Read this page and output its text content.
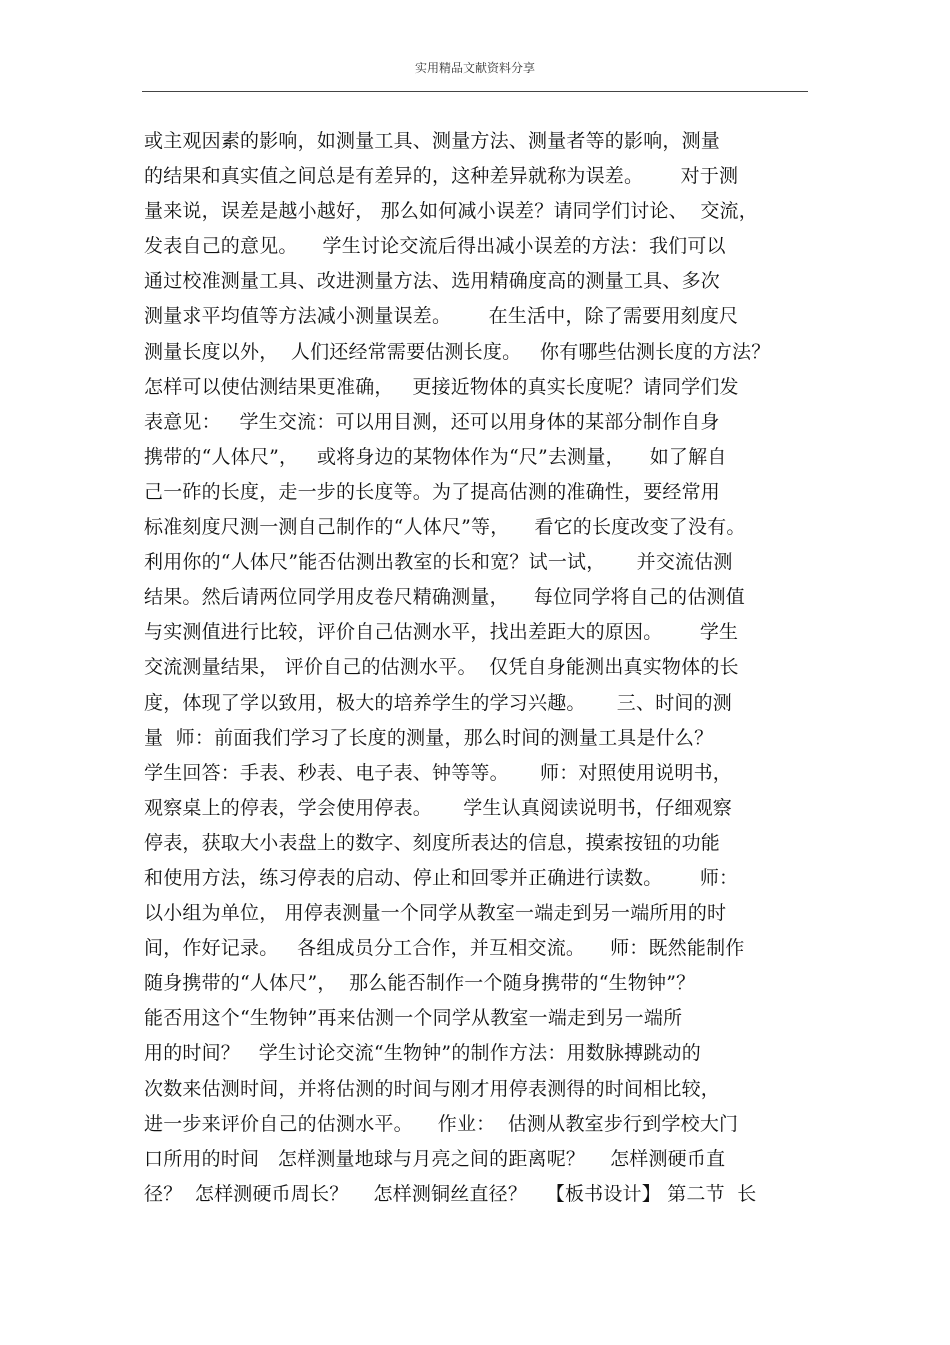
实用精品文献资料分享
或主观因素的影响，如测量工具、测量方法、测量者等的影响，测量
的结果和真实值之间总是有差异的，这种差异就称为误差。      对于测
量来说，误差是越小越好， 那么如何减小误差？请同学们讨论、  交流，
发表自己的意见。    学生讨论交流后得出减小误差的方法：我们可以
通过校准测量工具、改进测量方法、选用精确度高的测量工具、多次
测量求平均值等方法减小测量误差。      在生活中，除了需要用刻度尺
测量长度以外，  人们还经常需要估测长度。   你有哪些估测长度的方法？
怎样可以使估测结果更准确，   更接近物体的真实长度呢？请同学们发
表意见：   学生交流：可以用目测，还可以用身体的某部分制作自身
携带的“人体尺”，   或将身边的某物体作为“尺”去测量，    如了解自
己一砟的长度，走一步的长度等。为了提高估测的准确性，要经常用
标准刻度尺测一测自己制作的“人体尺”等，    看它的长度改变了没有。
利用你的“人体尺”能否估测出教室的长和宽？试一试，     并交流估测
结果。然后请两位同学用皮卷尺精确测量，    每位同学将自己的估测值
与实测值进行比较，评价自己估测水平，找出差距大的原因。      学生
交流测量结果， 评价自己的估测水平。  仅凭自身能测出真实物体的长
度，体现了学以致用，极大的培养学生的学习兴趣。     三、时间的测
量  师：前面我们学习了长度的测量，那么时间的测量工具是什么？
学生回答：手表、秒表、电子表、钟等等。     师：对照使用说明书，
观察桌上的停表，学会使用停表。     学生认真阅读说明书，仔细观察
停表，获取大小表盘上的数字、刻度所表达的信息，摸索按钮的功能
和使用方法，练习停表的启动、停止和回零并正确进行读数。      师：
以小组为单位， 用停表测量一个同学从教室一端走到另一端所用的时
间，作好记录。   各组成员分工合作，并互相交流。    师：既然能制作
随身携带的“人体尺”，  那么能否制作一个随身携带的“生物钟”？
能否用这个“生物钟”再来估测一个同学从教室一端走到另一端所
用的时间？   学生讨论交流“生物钟”的制作方法：用数脉搏跳动的
次数来估测时间，并将估测的时间与刚才用停表测得的时间相比较，
进一步来评价自己的估测水平。    作业：  估测从教室步行到学校大门
口所用的时间   怎样测量地球与月亮之间的距离呢？    怎样测硬币直
径？  怎样测硬币周长？    怎样测铜丝直径？   【板书设计】 第二节  长
